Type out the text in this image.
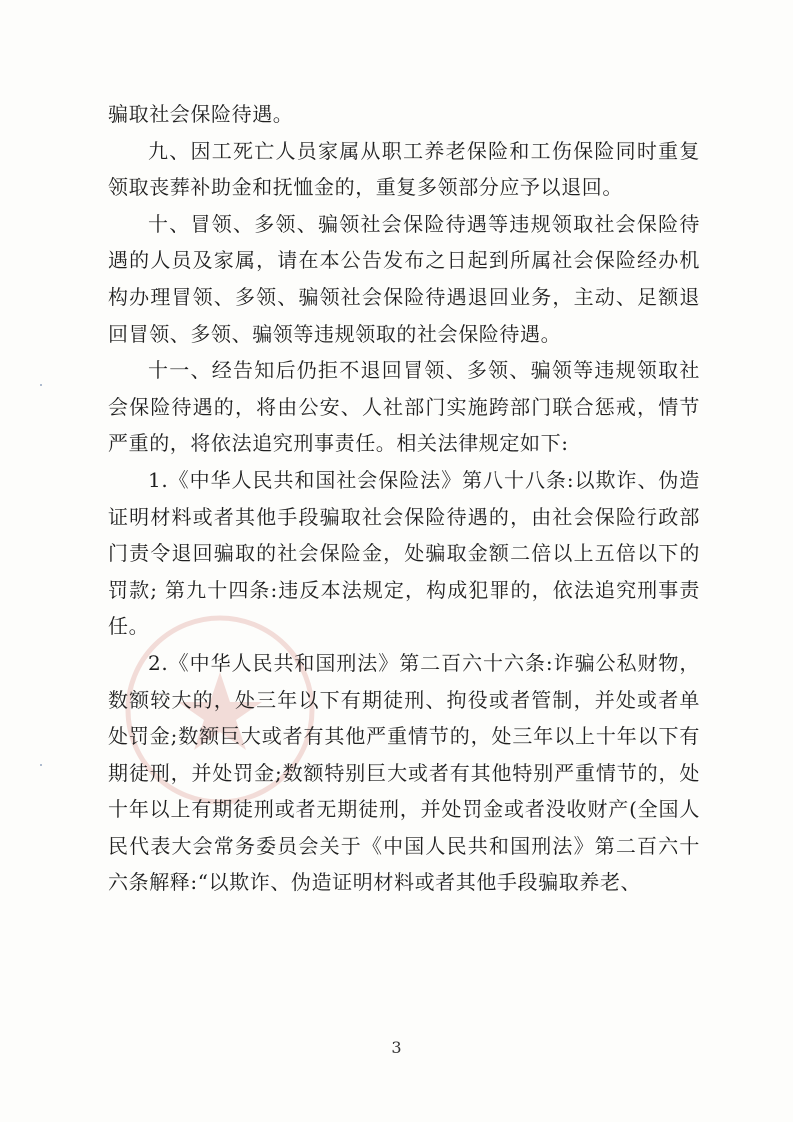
骗取社会保险待遇。

九、因工死亡人员家属从职工养老保险和工伤保险同时重复领取丧葬补助金和抚恤金的，重复多领部分应予以退回。

十、冒领、多领、骗领社会保险待遇等违规领取社会保险待遇的人员及家属，请在本公告发布之日起到所属社会保险经办机构办理冒领、多领、骗领社会保险待遇退回业务，主动、足额退回冒领、多领、骗领等违规领取的社会保险待遇。

十一、经告知后仍拒不退回冒领、多领、骗领等违规领取社会保险待遇的，将由公安、人社部门实施跨部门联合惩戒，情节严重的，将依法追究刑事责任。相关法律规定如下:

1.《中华人民共和国社会保险法》第八十八条:以欺诈、伪造证明材料或者其他手段骗取社会保险待遇的，由社会保险行政部门责令退回骗取的社会保险金，处骗取金额二倍以上五倍以下的罚款; 第九十四条:违反本法规定，构成犯罪的，依法追究刑事责任。

2.《中华人民共和国刑法》第二百六十六条:诈骗公私财物，数额较大的，处三年以下有期徒刑、拘役或者管制，并处或者单处罚金;数额巨大或者有其他严重情节的，处三年以上十年以下有期徒刑，并处罚金;数额特别巨大或者有其他特别严重情节的，处十年以上有期徒刑或者无期徒刑，并处罚金或者没收财产(全国人民代表大会常务委员会关于《中国人民共和国刑法》第二百六十六条解释:“以欺诈、伪造证明材料或者其他手段骗取养老、

3
